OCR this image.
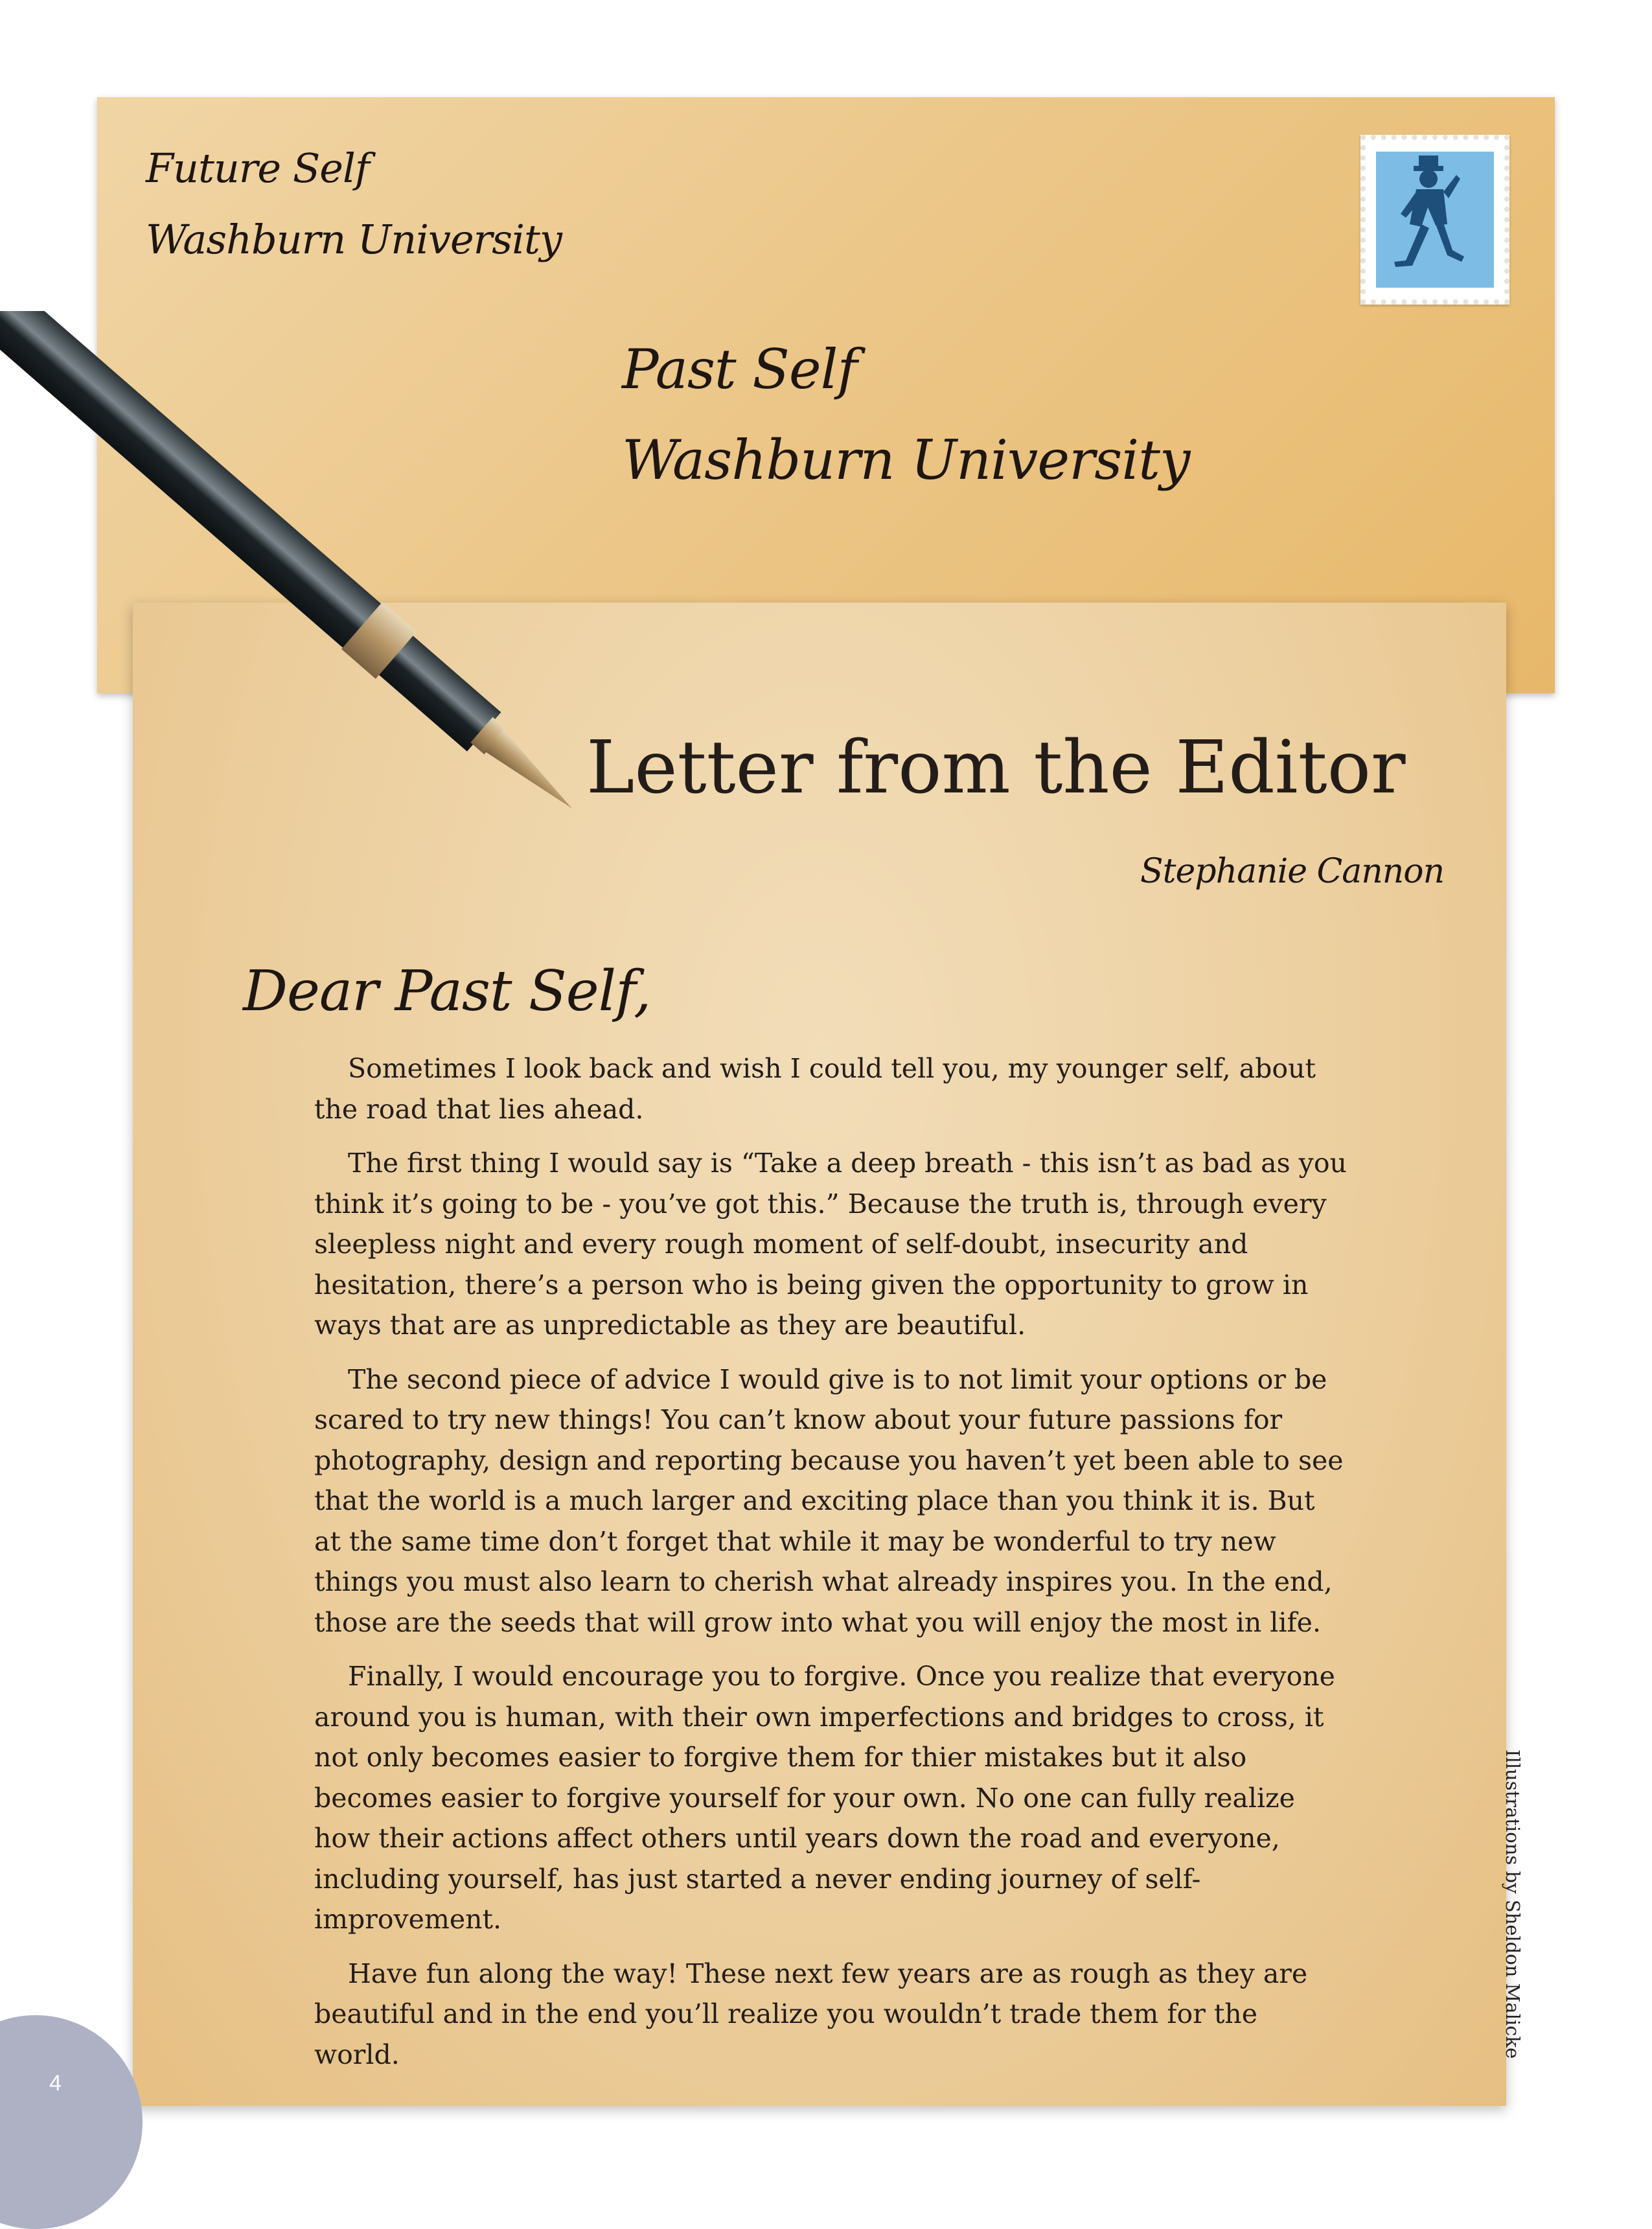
Future Self
Washburn University
Past Self
Washburn University
Letter from the Editor
Stephanie Cannon
Dear Past Self,

Sometimes I look back and wish I could tell you, my younger self, about the road that lies ahead.

The first thing I would say is “Take a deep breath - this isn’t as bad as you think it’s going to be - you’ve got this.” Because the truth is, through every sleepless night and every rough moment of self-doubt, insecurity and hesitation, there’s a person who is being given the opportunity to grow in ways that are as unpredictable as they are beautiful.

The second piece of advice I would give is to not limit your options or be scared to try new things! You can’t know about your future passions for photography, design and reporting because you haven’t yet been able to see that the world is a much larger and exciting place than you think it is. But at the same time don’t forget that while it may be wonderful to try new things you must also learn to cherish what already inspires you. In the end, those are the seeds that will grow into what you will enjoy the most in life.

Finally, I would encourage you to forgive. Once you realize that everyone around you is human, with their own imperfections and bridges to cross, it not only becomes easier to forgive them for thier mistakes but it also becomes easier to forgive yourself for your own. No one can fully realize how their actions affect others until years down the road and everyone, including yourself, has just started a never ending journey of self-improvement.

Have fun along the way! These next few years are as rough as they are beautiful and in the end you’ll realize you wouldn’t trade them for the world.	Illustrations by Sheldon Malicke
4
